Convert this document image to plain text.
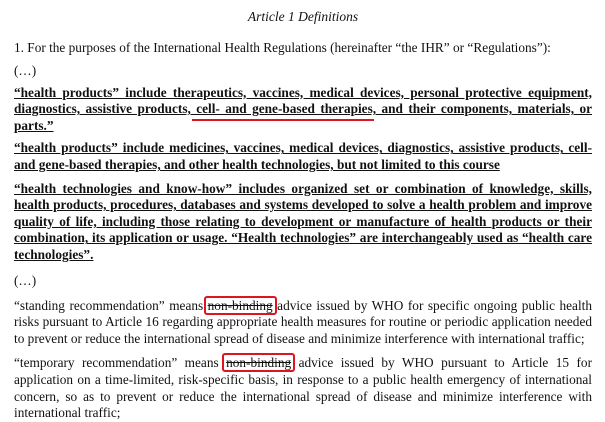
Article 1 Definitions

1. For the purposes of the International Health Regulations (hereinafter “the IHR” or “Regulations”):

(…)

“health products” include therapeutics, vaccines, medical devices, personal protective equipment, diagnostics, assistive products, cell- and gene-based therapies, and their components, materials, or parts.”

“health products” include medicines, vaccines, medical devices, diagnostics, assistive products, cell- and gene-based therapies, and other health technologies, but not limited to this course

“health technologies and know-how” includes organized set or combination of knowledge, skills, health products, procedures, databases and systems developed to solve a health problem and improve quality of life, including those relating to development or manufacture of health products or their combination, its application or usage. “Health technologies” are interchangeably used as “health care technologies”.

(…)

“standing recommendation” means non-binding
advice issued by WHO for specific ongoing public health risks pursuant to Article 16 regarding appropriate health measures for routine or periodic application needed to prevent or reduce the international spread of disease and minimize interference with international traffic;

“temporary recommendation” means non-binding
advice issued by WHO pursuant to Article 15 for application on a time-limited, risk-specific basis, in response to a public health emergency of international concern, so as to prevent or reduce the international spread of disease and minimize interference with international traffic;
